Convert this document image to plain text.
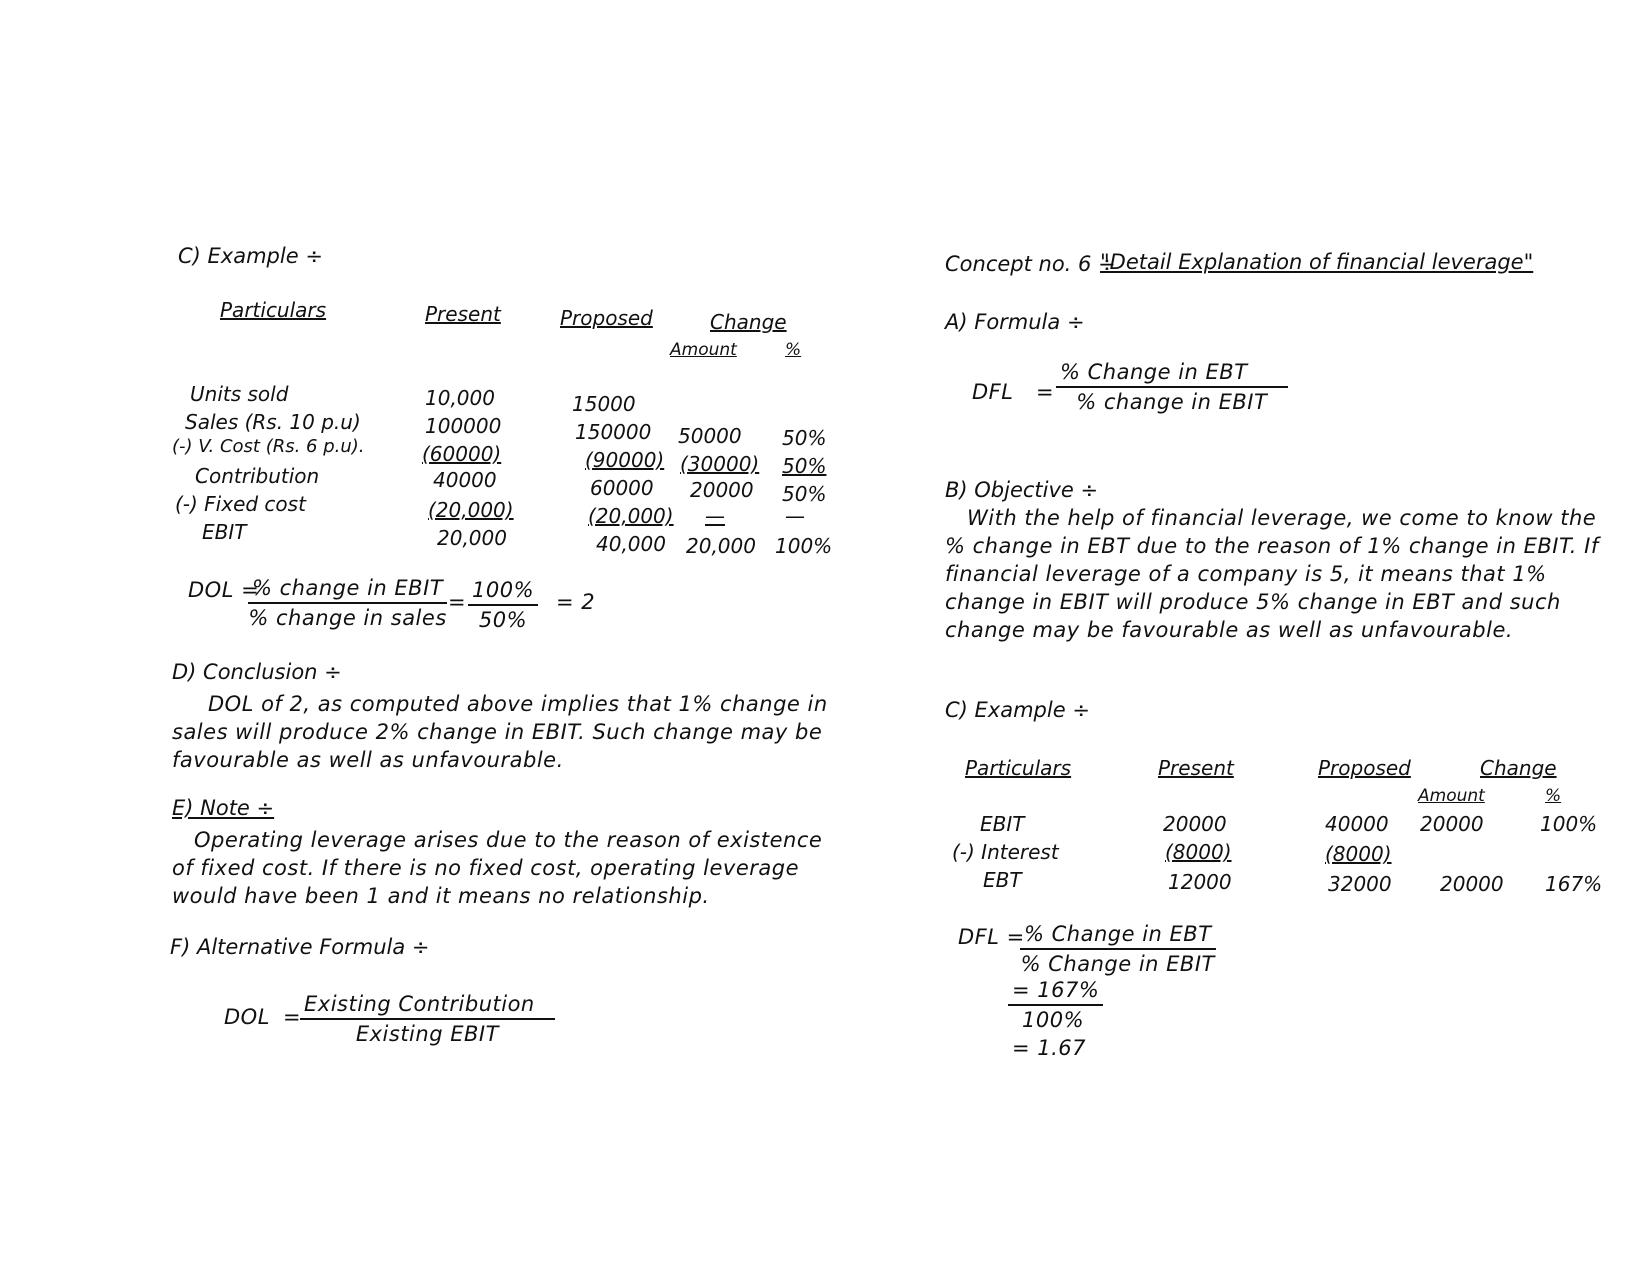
C) Example ÷
Particulars	Present	Proposed	Change
Amount	%
Units sold	10,000	15000
Sales (Rs. 10 p.u)	100000	150000 50000 50%
(-) V. Cost (Rs. 6 p.u).	(60000)	(90000) (30000) 50%
Contribution	40000	60000 20000 50%
(-) Fixed cost	(20,000)	(20,000) —	—
EBIT	20,000	40,000 20,000 100%
DOL =
% change in EBIT
% change in sales
= $\frac{100\%}{50\%} = 2$
D) Conclusion ÷
DOL of 2, as computed above implies that 1% change in sales will produce 2% change in EBIT. Such change may be favourable as well as unfavourable.
E) Note ÷
Operating leverage arises due to the reason of existence of fixed cost. If there is no fixed cost, operating leverage would have been 1 and it means no relationship.
F) Alternative Formula ÷
DOL =
Existing Contribution
Existing EBIT
Concept no. 6 ÷
"Detail Explanation of financial leverage"
A) Formula ÷
DFL =
% Change in EBT
% change in EBIT
B) Objective ÷
With the help of financial leverage, we come to know the % change in EBT due to the reason of 1% change in EBIT. If financial leverage of a company is 5, it means that 1% change in EBIT will produce 5% change in EBT and such change may be favourable as well as unfavourable.
C) Example ÷
Particulars	Present	Proposed	Change
Amount	%
EBIT	20000	40000 20000	100%
(-) Interest	(8000)	(8000)
EBT	12000	32000 20000 167%
DFL = % Change in EBT
% Change in EBIT
$\frac{= 167\%}{100\%}$
= 1.67
